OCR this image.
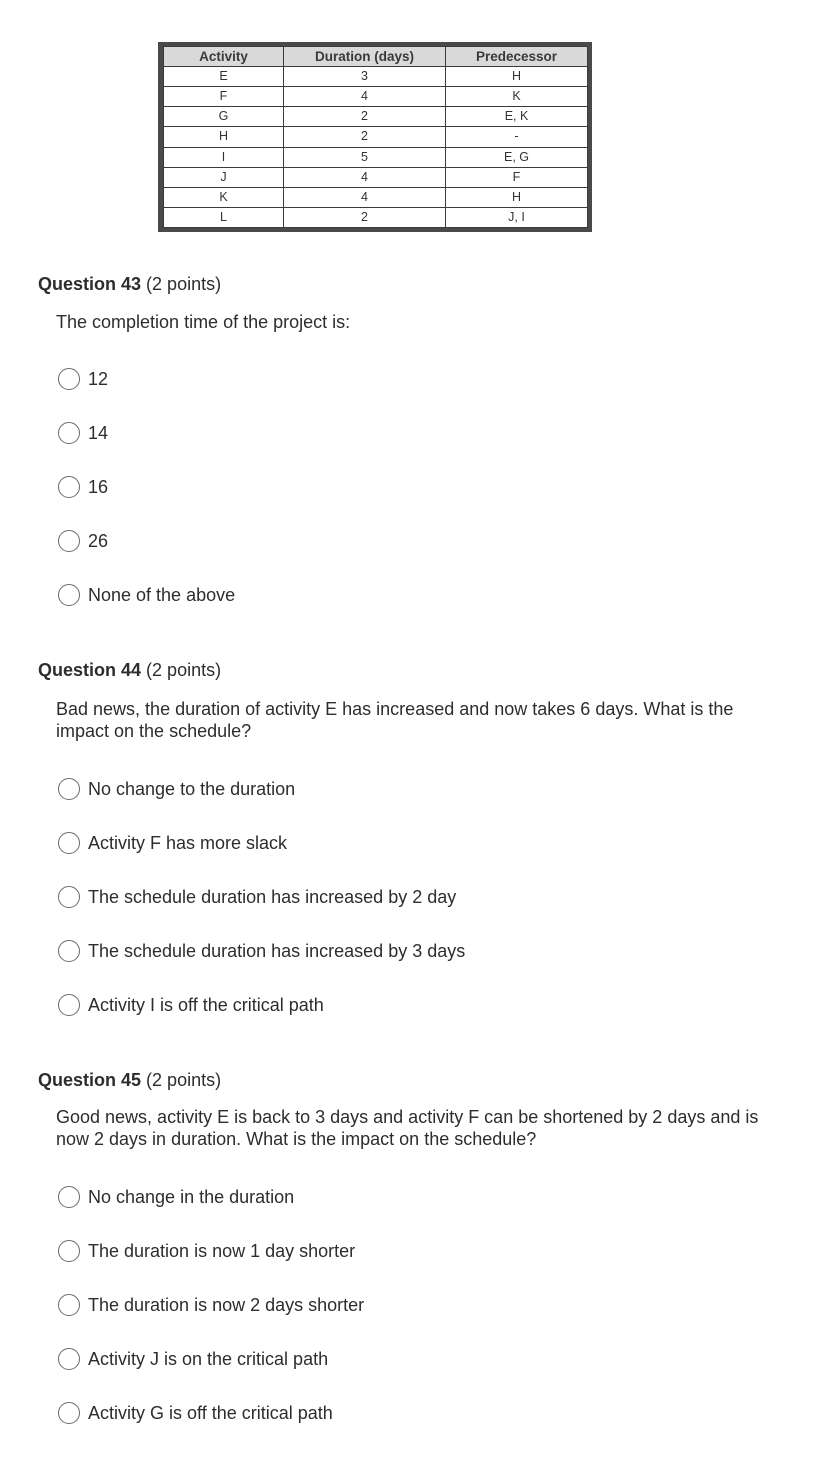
Activity	Duration (days)	Predecessor
E	3	H
F	4	K
G	2	E, K
H	2	-
I	5	E, G
J	4	F
K	4	H
L	2	J, I
Question 43 (2 points)
The completion time of the project is:
12
14
16
26
None of the above
Question 44 (2 points)
Bad news, the duration of activity E has increased and now takes 6 days. What is the impact on the schedule?
No change to the duration
Activity F has more slack
The schedule duration has increased by 2 day
The schedule duration has increased by 3 days
Activity I is off the critical path
Question 45 (2 points)
Good news, activity E is back to 3 days and activity F can be shortened by 2 days and is now 2 days in duration. What is the impact on the schedule?
No change in the duration
The duration is now 1 day shorter
The duration is now 2 days shorter
Activity J is on the critical path
Activity G is off the critical path
